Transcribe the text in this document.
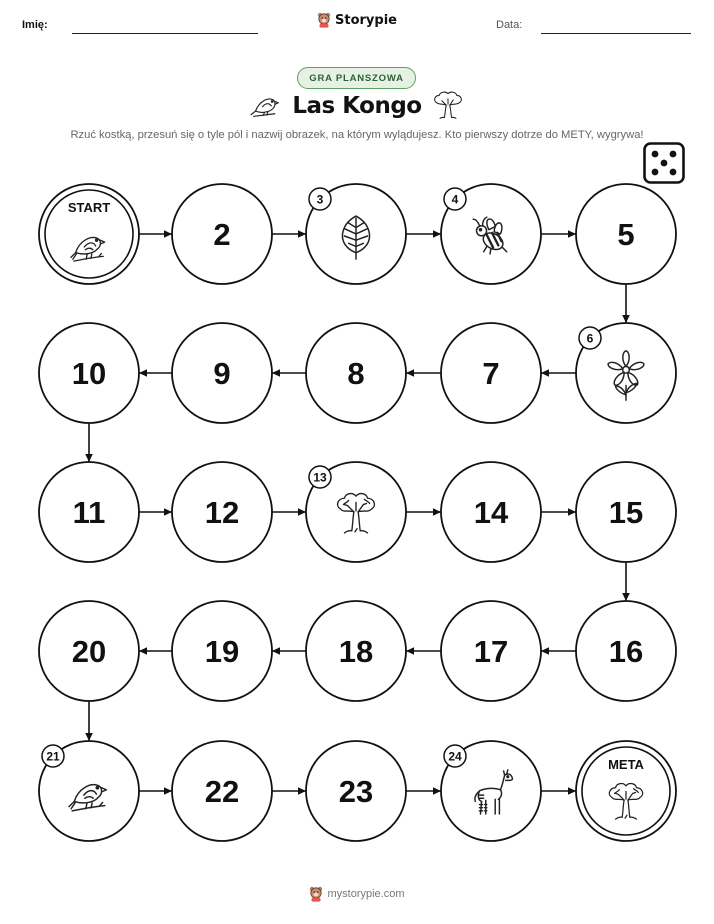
Imię:	Data:
Storypie
GRA PLANSZOWA
Las Kongo
Rzuć kostką, przesuń się o tyle pól i nazwij obrazek, na którym wylądujesz. Kto pierwszy dotrze do METY, wygrywa!
START
2
3	4
5
6
7
8
9
10
11	12
13
14	15
16
17
18
19
20
21
22	23
24
META
mystorypie.com
